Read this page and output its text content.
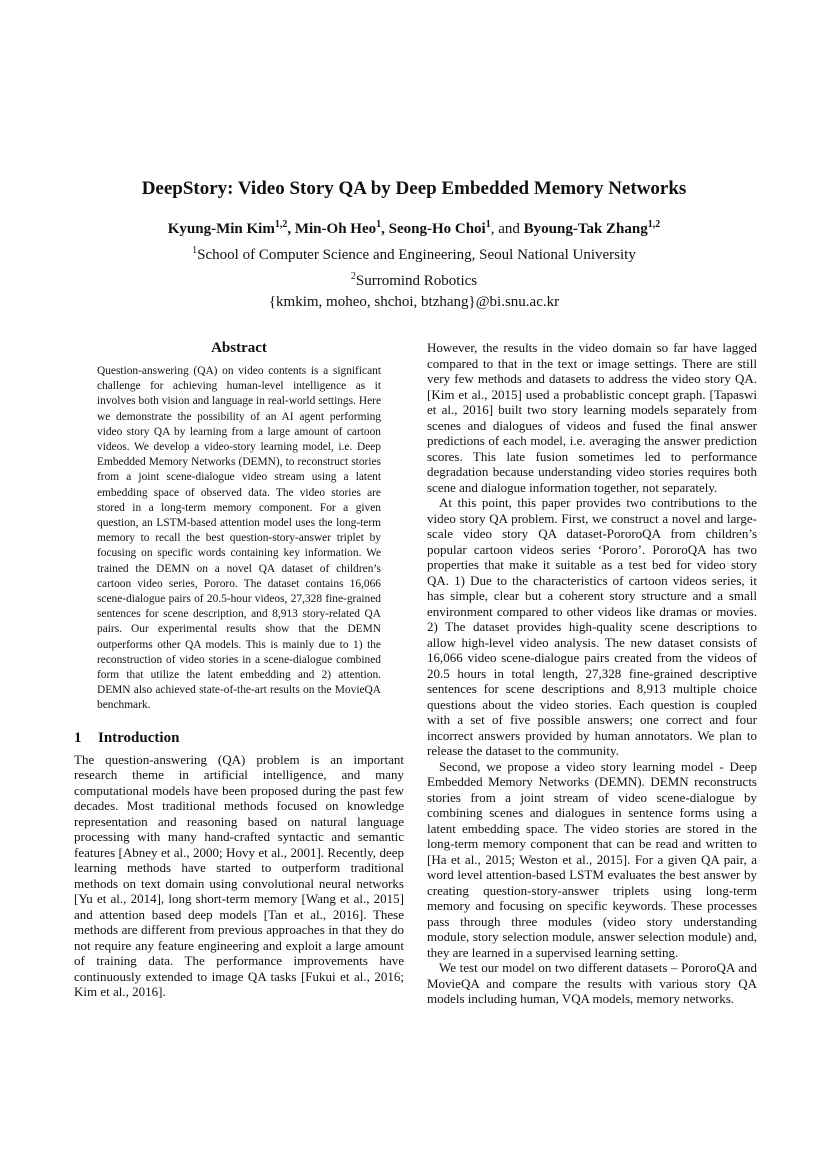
DeepStory: Video Story QA by Deep Embedded Memory Networks
Kyung-Min Kim$^{1,2}$, Min-Oh Heo$^1$, Seong-Ho Choi$^1$, and Byoung-Tak Zhang$^{1,2}$
$^1$School of Computer Science and Engineering, Seoul National University
$^2$Surromind Robotics
{kmkim, moheo, shchoi, btzhang}@bi.snu.ac.kr
Abstract

Question-answering (QA) on video contents is a significant challenge for achieving human-level intelligence as it involves both vision and language in real-world settings. Here we demonstrate the possibility of an AI agent performing video story QA by learning from a large amount of cartoon videos. We develop a video-story learning model, i.e. Deep Embedded Memory Networks (DEMN), to reconstruct stories from a joint scene-dialogue video stream using a latent embedding space of observed data. The video stories are stored in a long-term memory component. For a given question, an LSTM-based attention model uses the long-term memory to recall the best question-story-answer triplet by focusing on specific words containing key information. We trained the DEMN on a novel QA dataset of children’s cartoon video series, Pororo. The dataset contains 16,066 scene-dialogue pairs of 20.5-hour videos, 27,328 fine-grained sentences for scene description, and 8,913 story-related QA pairs. Our experimental results show that the DEMN outperforms other QA models. This is mainly due to 1) the reconstruction of video stories in a scene-dialogue combined form that utilize the latent embedding and 2) attention. DEMN also achieved state-of-the-art results on the MovieQA benchmark.

1 Introduction

The question-answering (QA) problem is an important research theme in artificial intelligence, and many computational models have been proposed during the past few decades. Most traditional methods focused on knowledge representation and reasoning based on natural language processing with many hand-crafted syntactic and semantic features [Abney et al., 2000; Hovy et al., 2001]. Recently, deep learning methods have started to outperform traditional methods on text domain using convolutional neural networks [Yu et al., 2014], long short-term memory [Wang et al., 2015] and attention based deep models [Tan et al., 2016]. These methods are different from previous approaches in that they do not require any feature engineering and exploit a large amount of training data. The performance improvements have continuously extended to image QA tasks [Fukui et al., 2016; Kim et al., 2016].

However, the results in the video domain so far have lagged compared to that in the text or image settings. There are still very few methods and datasets to address the video story QA. [Kim et al., 2015] used a probablistic concept graph. [Tapaswi et al., 2016] built two story learning models separately from scenes and dialogues of videos and fused the final answer predictions of each model, i.e. averaging the answer prediction scores. This late fusion sometimes led to performance degradation because understanding video stories requires both scene and dialogue information together, not separately.

At this point, this paper provides two contributions to the video story QA problem. First, we construct a novel and large-scale video story QA dataset-PororoQA from children’s popular cartoon videos series ‘Pororo’. PororoQA has two properties that make it suitable as a test bed for video story QA. 1) Due to the characteristics of cartoon videos series, it has simple, clear but a coherent story structure and a small environment compared to other videos like dramas or movies. 2) The dataset provides high-quality scene descriptions to allow high-level video analysis. The new dataset consists of 16,066 video scene-dialogue pairs created from the videos of 20.5 hours in total length, 27,328 fine-grained descriptive sentences for scene descriptions and 8,913 multiple choice questions about the video stories. Each question is coupled with a set of five possible answers; one correct and four incorrect answers provided by human annotators. We plan to release the dataset to the community.

Second, we propose a video story learning model - Deep Embedded Memory Networks (DEMN). DEMN reconstructs stories from a joint stream of video scene-dialogue by combining scenes and dialogues in sentence forms using a latent embedding space. The video stories are stored in the long-term memory component that can be read and written to [Ha et al., 2015; Weston et al., 2015]. For a given QA pair, a word level attention-based LSTM evaluates the best answer by creating question-story-answer triplets using long-term memory and focusing on specific keywords. These processes pass through three modules (video story understanding module, story selection module, answer selection module) and, they are learned in a supervised learning setting.

We test our model on two different datasets – PororoQA and MovieQA and compare the results with various story QA models including human, VQA models, memory networks.
